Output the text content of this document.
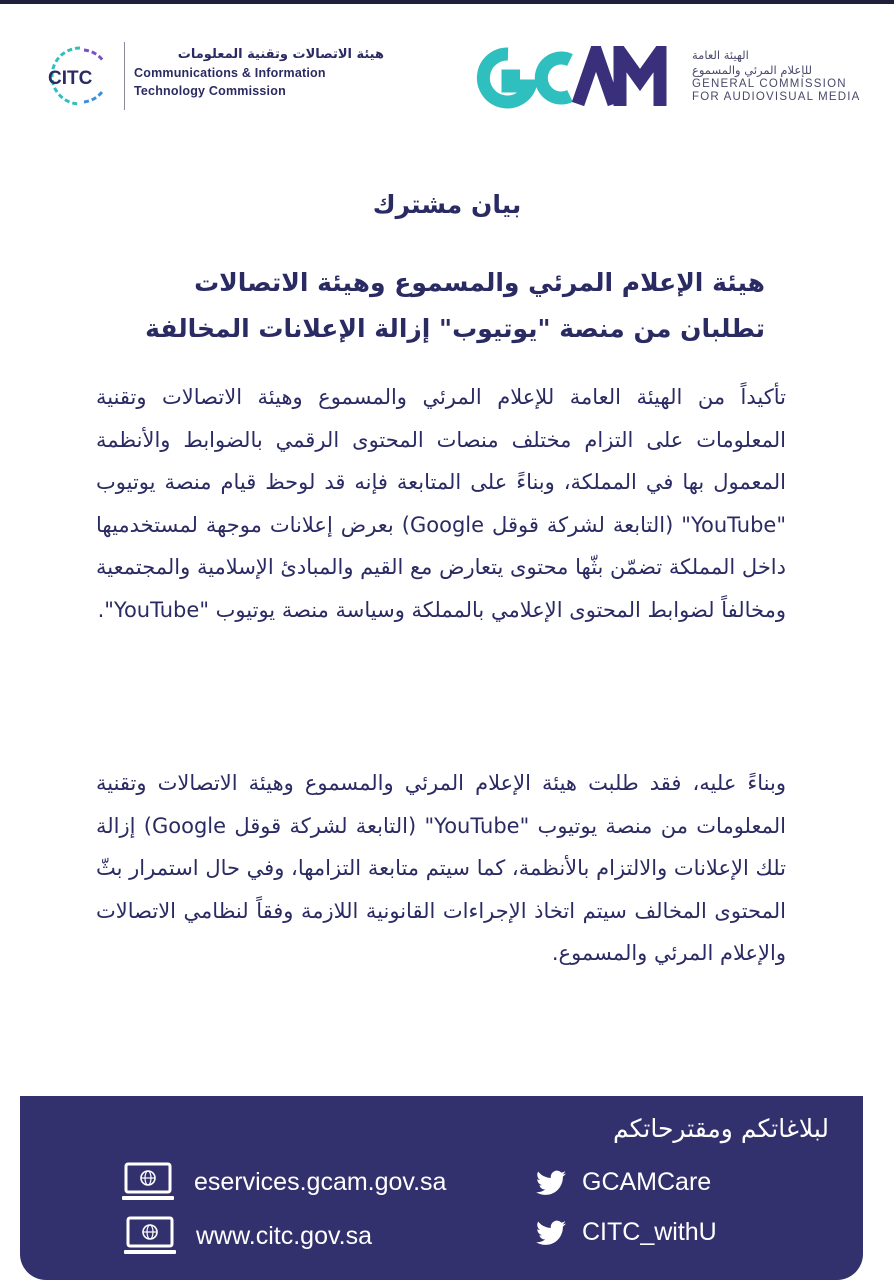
CITC
هيئة الاتصالات وتقنية المعلومات
Communications & Information
Technology Commission
GCAM
الهيئة العامة
للإعلام المرئي والمسموع
GENERAL COMMISSION
FOR AUDIOVISUAL MEDIA
بيان مشترك
هيئة الإعلام المرئي والمسموع وهيئة الاتصالات
تطلبان من منصة "يوتيوب" إزالة الإعلانات المخالفة
تأكيداً من الهيئة العامة للإعلام المرئي والمسموع وهيئة الاتصالات وتقنية المعلومات على التزام مختلف منصات المحتوى الرقمي بالضوابط والأنظمة المعمول بها في المملكة، وبناءً على المتابعة فإنه قد لوحظ قيام منصة يوتيوب "YouTube" (التابعة لشركة قوقل Google) بعرض إعلانات موجهة لمستخدميها داخل المملكة تضمّن بثّها محتوى يتعارض مع القيم والمبادئ الإسلامية والمجتمعية ومخالفاً لضوابط المحتوى الإعلامي بالمملكة وسياسة منصة يوتيوب "YouTube".
وبناءً عليه، فقد طلبت هيئة الإعلام المرئي والمسموع وهيئة الاتصالات وتقنية المعلومات من منصة يوتيوب "YouTube" (التابعة لشركة قوقل Google) إزالة تلك الإعلانات والالتزام بالأنظمة، كما سيتم متابعة التزامها، وفي حال استمرار بثّ المحتوى المخالف سيتم اتخاذ الإجراءات القانونية اللازمة وفقاً لنظامي الاتصالات والإعلام المرئي والمسموع.
لبلاغاتكم ومقترحاتكم
eservices.gcam.gov.sa
www.citc.gov.sa
GCAMCare
CITC_withU
